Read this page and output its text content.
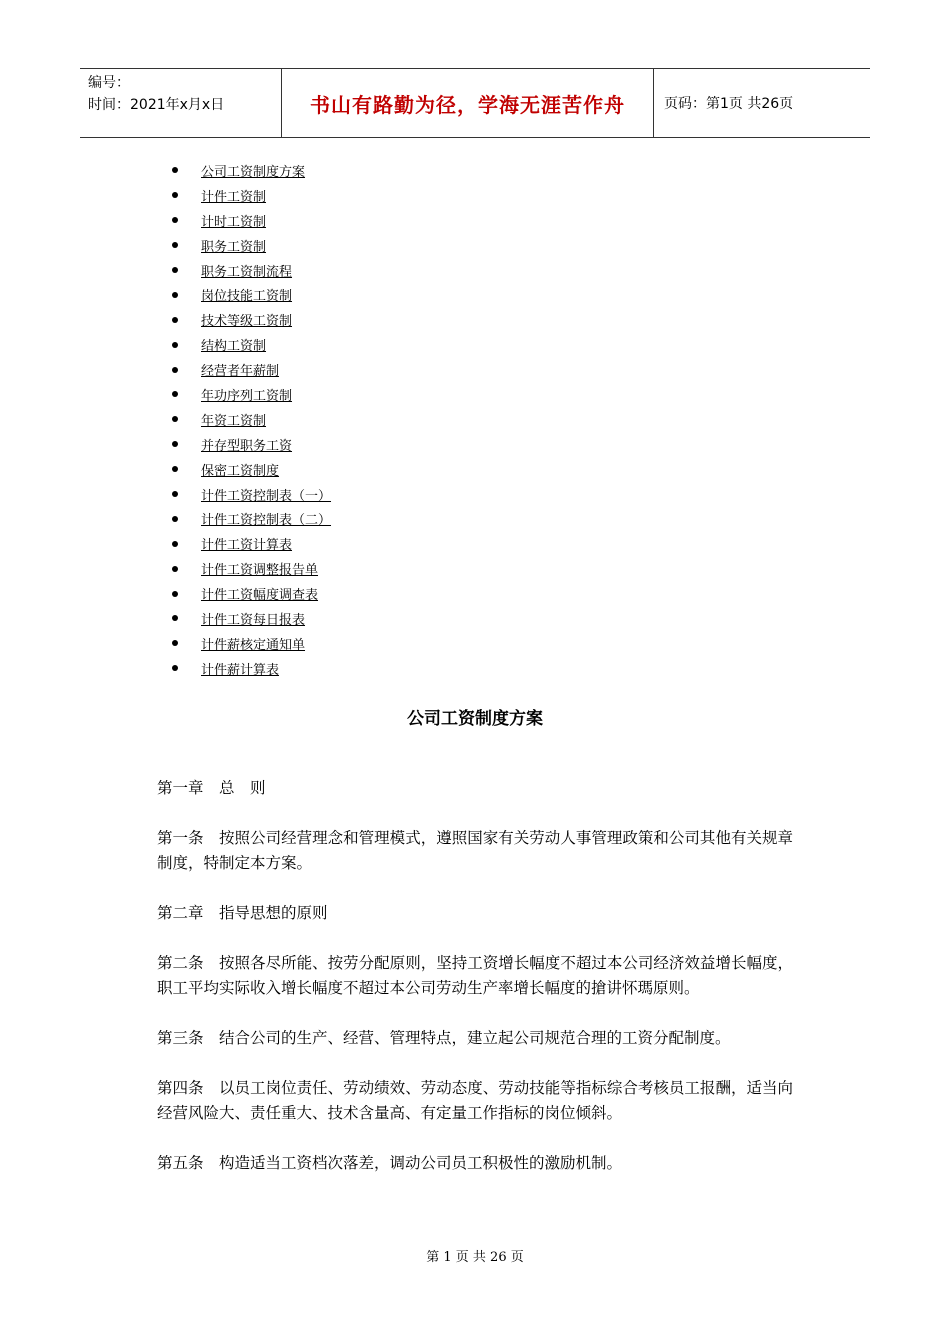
编号：
时间：2021年x月x日	书山有路勤为径，学海无涯苦作舟	页码：第1页 共26页
公司工资制度方案
计件工资制
计时工资制
职务工资制
职务工资制流程
岗位技能工资制
技术等级工资制
结构工资制
经营者年薪制
年功序列工资制
年资工资制
并存型职务工资
保密工资制度
计件工资控制表（一）
计件工资控制表（二）
计件工资计算表
计件工资调整报告单
计件工资幅度调查表
计件工资每日报表
计件薪核定通知单
计件薪计算表
公司工资制度方案

第一章　总　则

第一条　按照公司经营理念和管理模式，遵照国家有关劳动人事管理政策和公司其他有关规章制度，特制定本方案。

第二章　指导思想的原则

第二条　按照各尽所能、按劳分配原则，坚持工资增长幅度不超过本公司经济效益增长幅度，职工平均实际收入增长幅度不超过本公司劳动生产率增长幅度的搶讲怀瑪原则。

第三条　结合公司的生产、经营、管理特点，建立起公司规范合理的工资分配制度。

第四条　以员工岗位责任、劳动绩效、劳动态度、劳动技能等指标综合考核员工报酬，适当向经营风险大、责任重大、技术含量高、有定量工作指标的岗位倾斜。

第五条　构造适当工资档次落差，调动公司员工积极性的激励机制。

第 1 页 共 26 页
